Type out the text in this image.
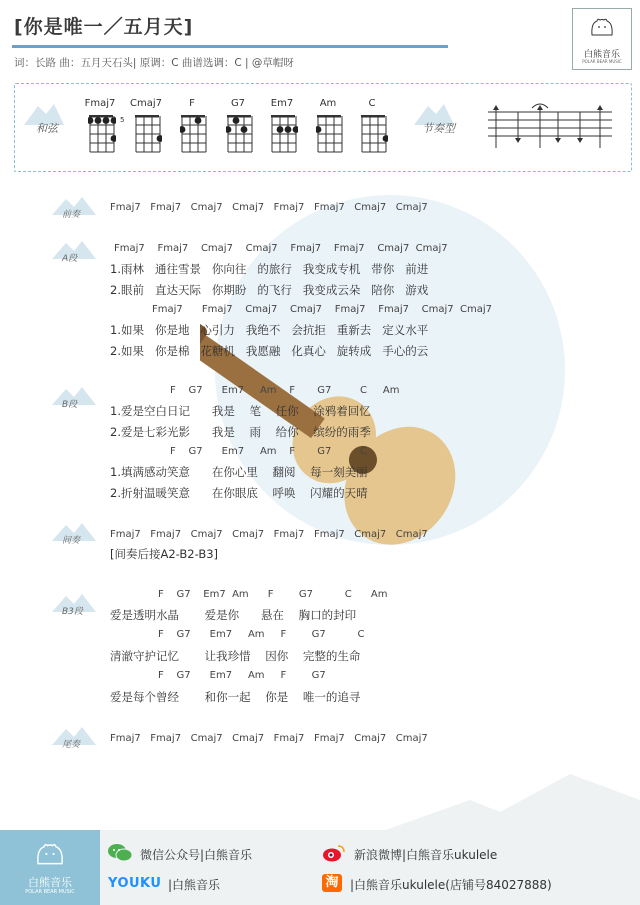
[你是唯一／五月天]
词：长路 曲：五月天石头| 原调：C 曲谱选调：C | @草帽呀
白熊音乐
POLAR BEAR MUSIC
和弦	节奏型
Fmaj7 Cmaj7	F	G7	Em7	Am	C
5
前奏
A段
B段
间奏
B3段
尾奏
Fmaj7   Fmaj7   Cmaj7   Cmaj7   Fmaj7   Fmaj7   Cmaj7   Cmaj7
Fmaj7    Fmaj7    Cmaj7    Cmaj7    Fmaj7    Fmaj7    Cmaj7  Cmaj7
1.雨林   通往雪景   你向往   的旅行   我变成专机   带你   前进
2.眼前   直达天际   你期盼   的飞行   我变成云朵   陪你   游戏
Fmaj7      Fmaj7    Cmaj7    Cmaj7    Fmaj7    Fmaj7    Cmaj7  Cmaj7
1.如果   你是地   心引力   我绝不   会抗拒   重新去   定义水平
2.如果   你是棉   花糖机   我愿融   化真心   旋转成   手心的云
F    G7      Em7     Am    F       G7         C     Am
1.爱是空白日记      我是    笔    任你    涂鸦着回忆
2.爱是七彩光影      我是    雨    给你    缤纷的雨季
F    G7      Em7     Am    F       G7         C
1.填满感动笑意      在你心里    翻阅    每一刻美丽
2.折射温暖笑意      在你眼底    呼唤    闪耀的天晴
Fmaj7   Fmaj7   Cmaj7   Cmaj7   Fmaj7   Fmaj7   Cmaj7   Cmaj7
[间奏后接A2-B2-B3]
F    G7    Em7  Am      F        G7          C      Am
爱是透明水晶       爱是你      悬在    胸口的封印
F    G7      Em7     Am     F        G7          C
清澈守护记忆       让我珍惜    因你    完整的生命
F    G7      Em7     Am     F        G7
爱是每个曾经       和你一起    你是    唯一的追寻
Fmaj7   Fmaj7   Cmaj7   Cmaj7   Fmaj7   Fmaj7   Cmaj7   Cmaj7
白熊音乐
POLAR BEAR MUSIC
微信公众号|白熊音乐	新浪微博|白熊音乐ukulele
YOUKU |白熊音乐	淘 |白熊音乐ukulele(店铺号84027888)
